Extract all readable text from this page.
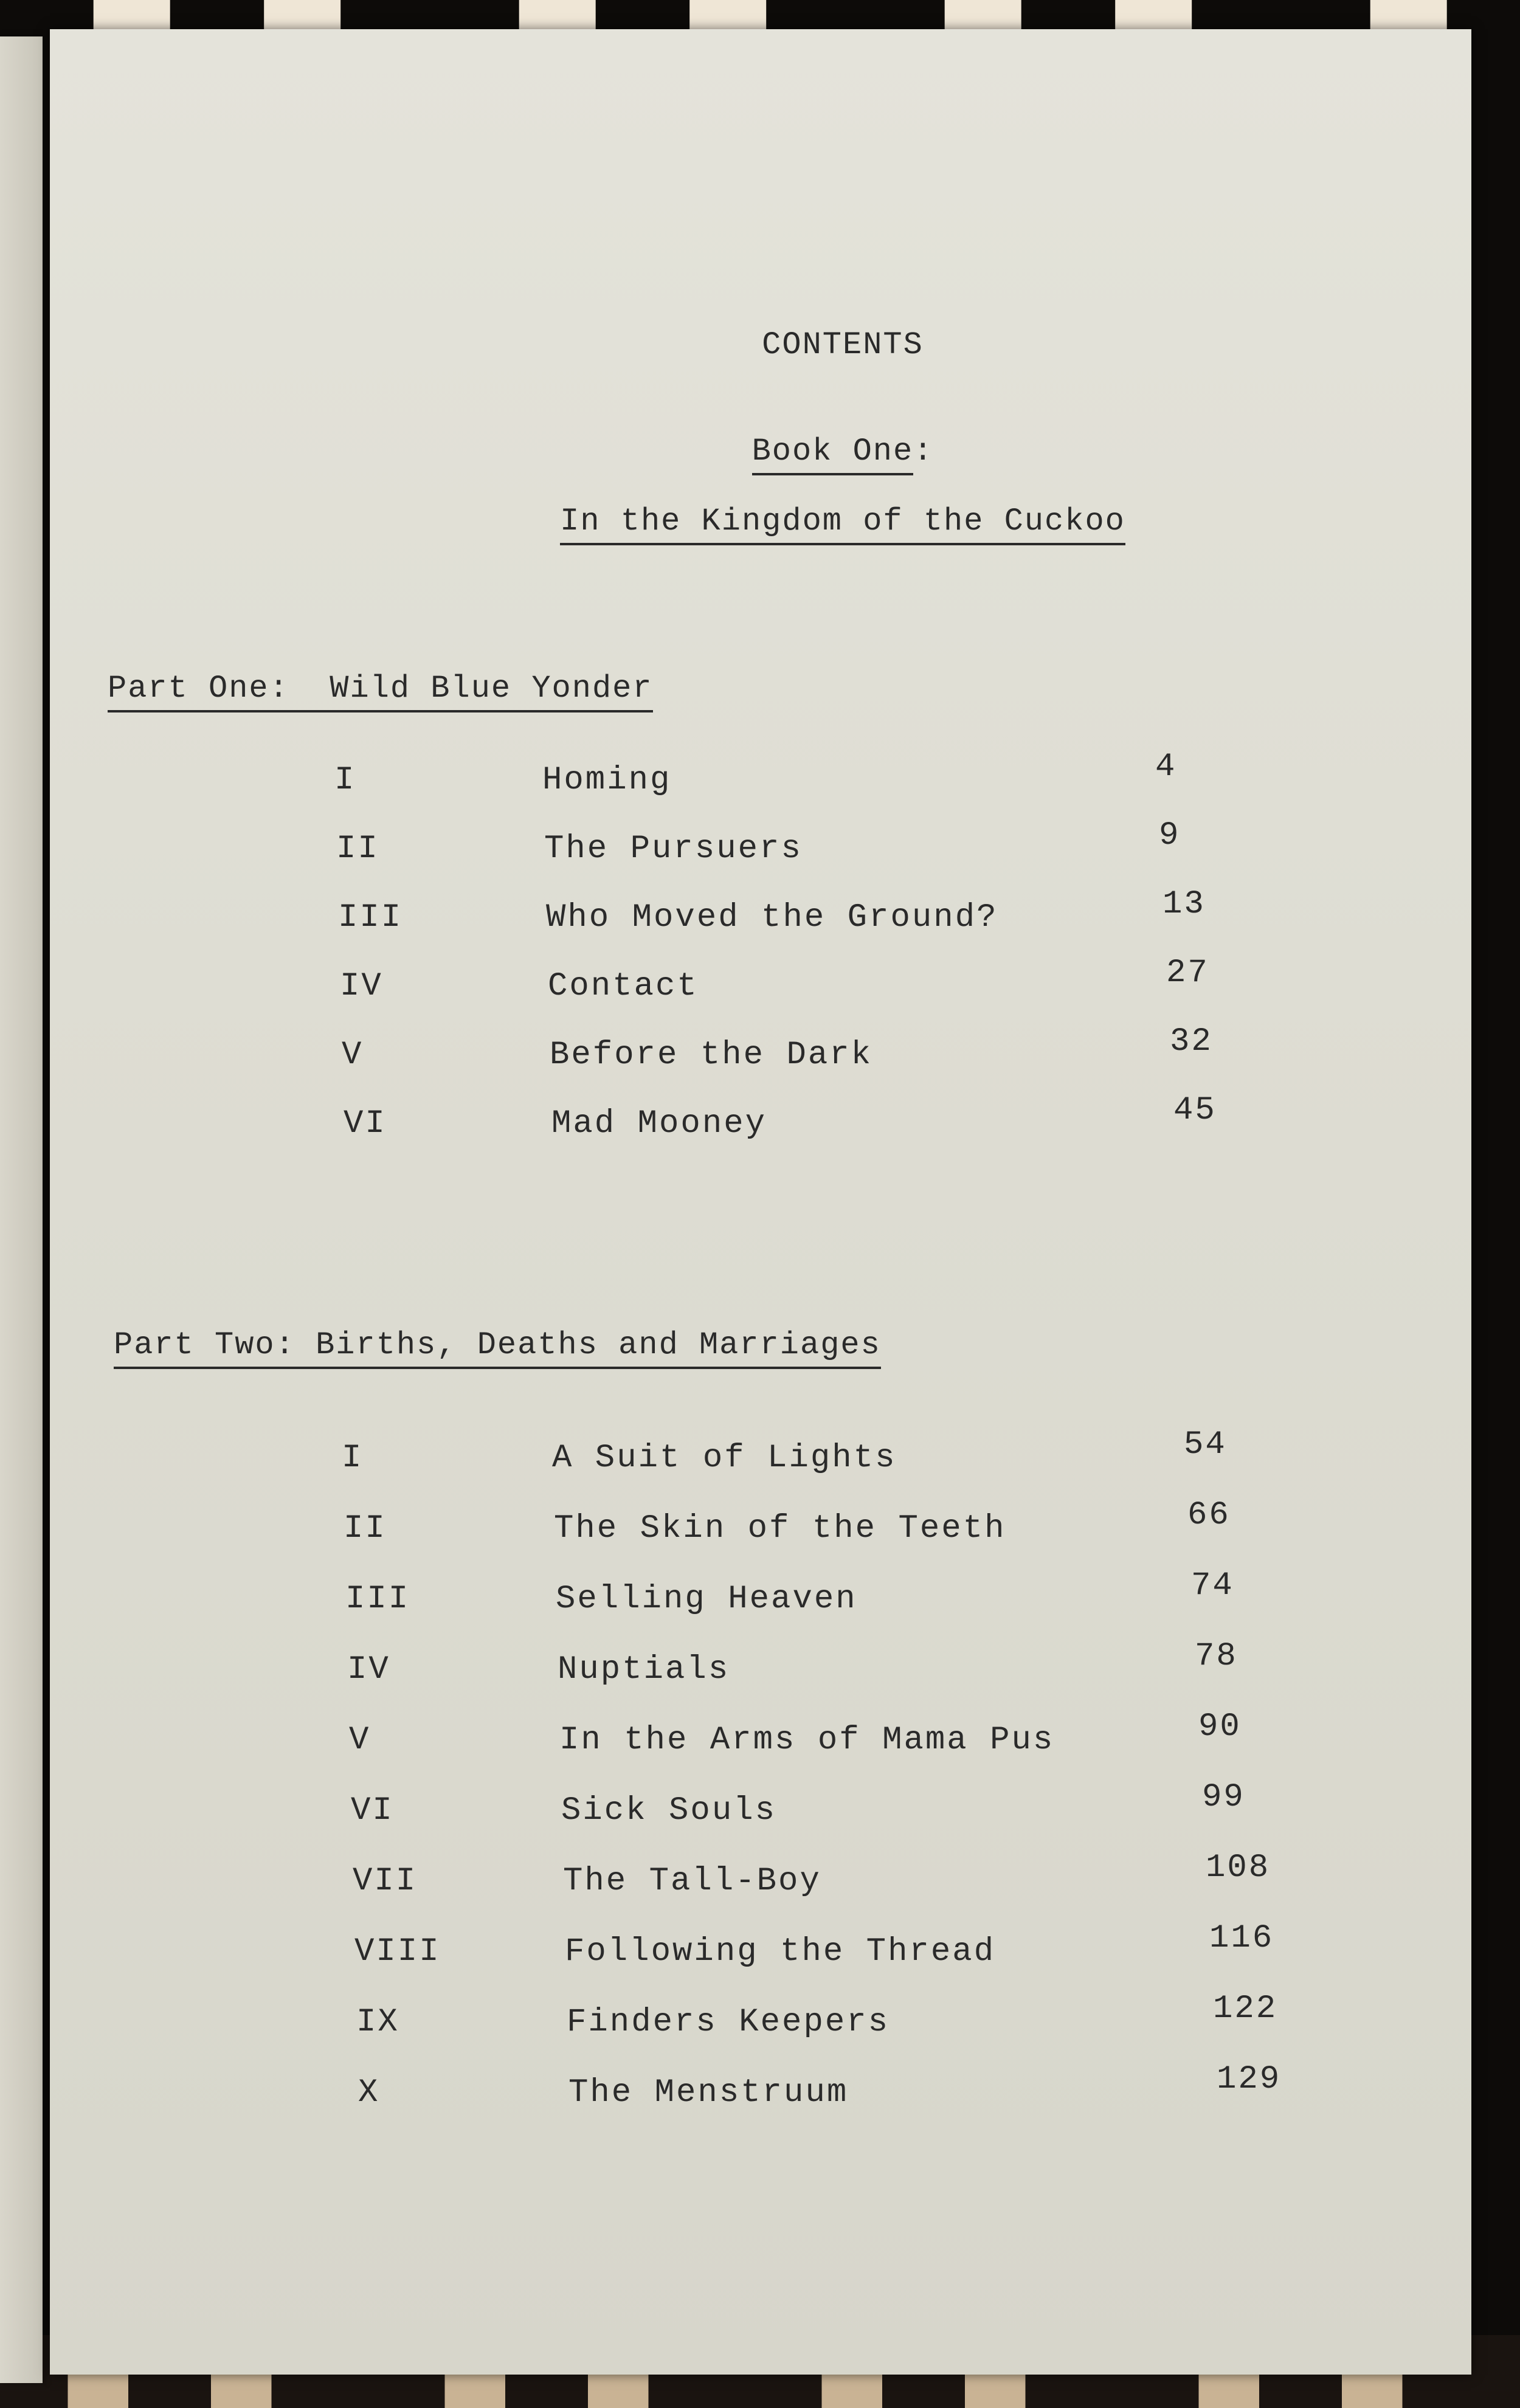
CONTENTS
Book One:
In the Kingdom of the Cuckoo
Part One: Wild Blue Yonder
I	Homing	4
II	The Pursuers	9
III	Who Moved the Ground?	13
IV	Contact	27
V	Before the Dark	32
VI	Mad Mooney	45
Part Two: Births, Deaths and Marriages
I	A Suit of Lights	54
II	The Skin of the Teeth	66
III	Selling Heaven	74
IV	Nuptials	78
V	In the Arms of Mama Pus	90
VI	Sick Souls	99
VII	The Tall-Boy	108
VIII	Following the Thread	116
IX	Finders Keepers	122
X	The Menstruum	129
